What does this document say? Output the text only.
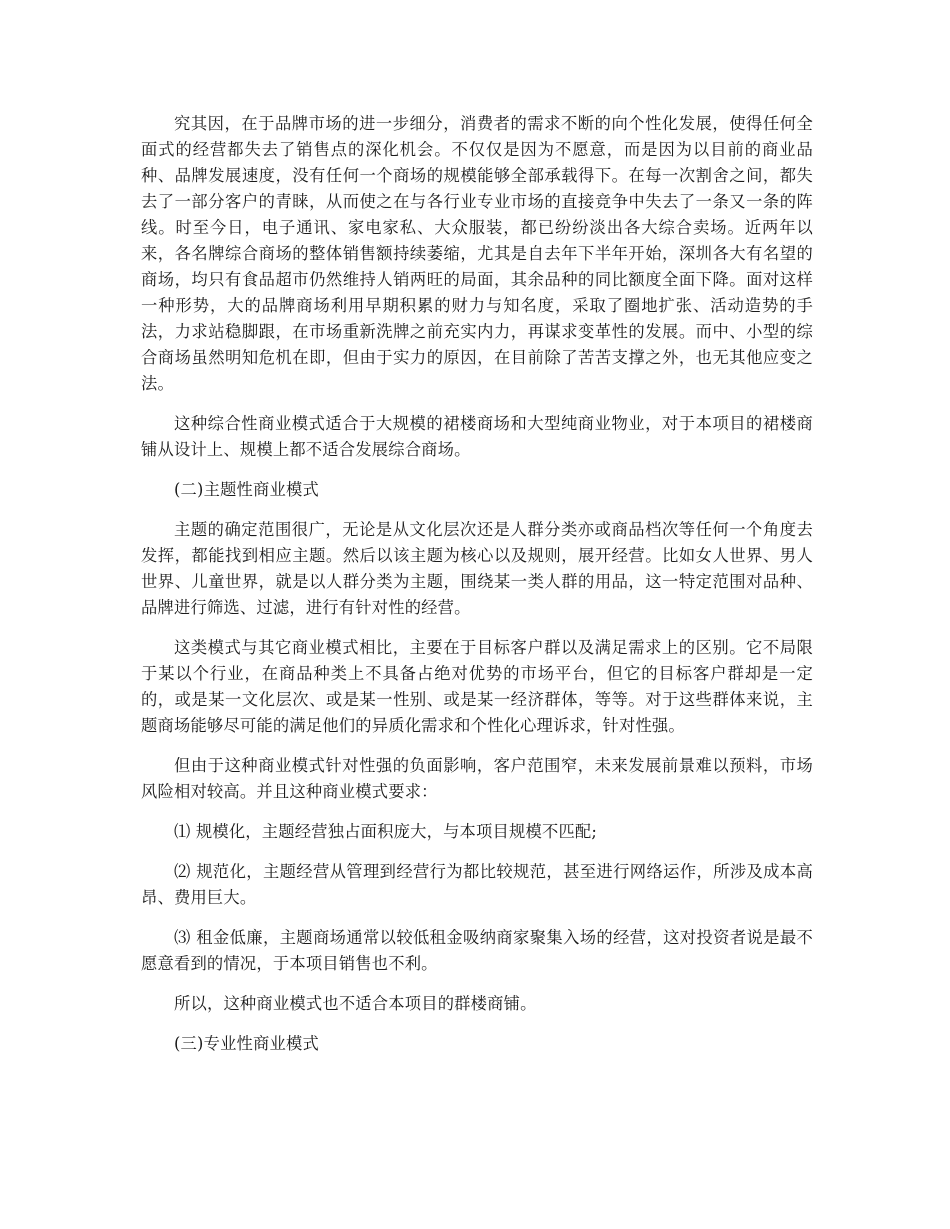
究其因，在于品牌市场的进一步细分，消费者的需求不断的向个性化发展，使得任何全面式的经营都失去了销售点的深化机会。不仅仅是因为不愿意，而是因为以目前的商业品种、品牌发展速度，没有任何一个商场的规模能够全部承载得下。在每一次割舍之间，都失去了一部分客户的青睐，从而使之在与各行业专业市场的直接竞争中失去了一条又一条的阵线。时至今日，电子通讯、家电家私、大众服装，都已纷纷淡出各大综合卖场。近两年以来，各名牌综合商场的整体销售额持续萎缩，尤其是自去年下半年开始，深圳各大有名望的商场，均只有食品超市仍然维持人销两旺的局面，其余品种的同比额度全面下降。面对这样一种形势，大的品牌商场利用早期积累的财力与知名度，采取了圈地扩张、活动造势的手法，力求站稳脚跟，在市场重新洗牌之前充实内力，再谋求变革性的发展。而中、小型的综合商场虽然明知危机在即，但由于实力的原因，在目前除了苦苦支撑之外，也无其他应变之法。

这种综合性商业模式适合于大规模的裙楼商场和大型纯商业物业，对于本项目的裙楼商铺从设计上、规模上都不适合发展综合商场。

(二)主题性商业模式

主题的确定范围很广，无论是从文化层次还是人群分类亦或商品档次等任何一个角度去发挥，都能找到相应主题。然后以该主题为核心以及规则，展开经营。比如女人世界、男人世界、儿童世界，就是以人群分类为主题，围绕某一类人群的用品，这一特定范围对品种、品牌进行筛选、过滤，进行有针对性的经营。

这类模式与其它商业模式相比，主要在于目标客户群以及满足需求上的区别。它不局限于某以个行业，在商品种类上不具备占绝对优势的市场平台，但它的目标客户群却是一定的，或是某一文化层次、或是某一性别、或是某一经济群体，等等。对于这些群体来说，主题商场能够尽可能的满足他们的异质化需求和个性化心理诉求，针对性强。

但由于这种商业模式针对性强的负面影响，客户范围窄，未来发展前景难以预料，市场风险相对较高。并且这种商业模式要求：

⑴ 规模化，主题经营独占面积庞大，与本项目规模不匹配;

⑵ 规范化，主题经营从管理到经营行为都比较规范，甚至进行网络运作，所涉及成本高昂、费用巨大。

⑶ 租金低廉，主题商场通常以较低租金吸纳商家聚集入场的经营，这对投资者说是最不愿意看到的情况，于本项目销售也不利。

所以，这种商业模式也不适合本项目的群楼商铺。

(三)专业性商业模式
